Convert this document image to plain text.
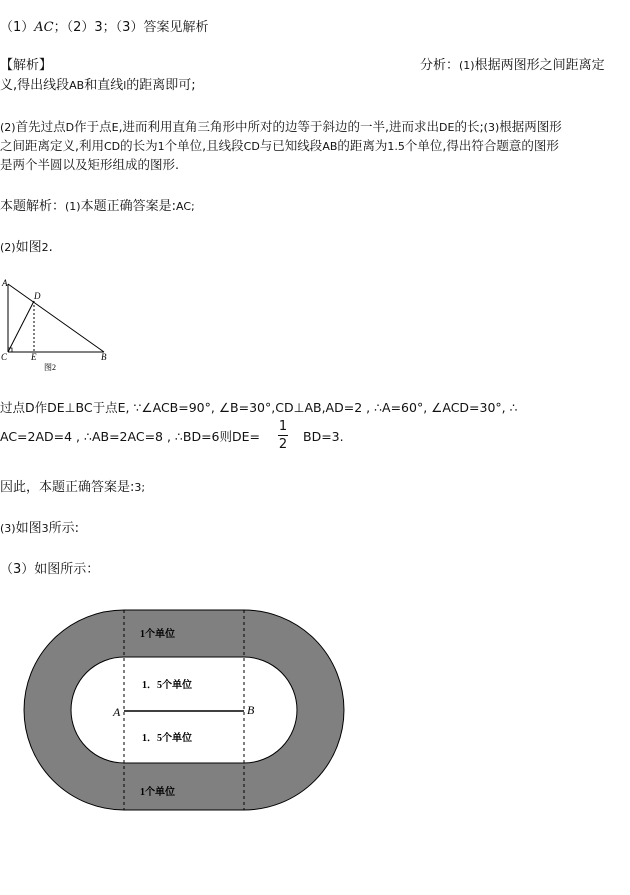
（1）AC；（2）3；（3）答案见解析
【解析】	分析：(1)根据两图形之间距离定
义,得出线段AB和直线l的距离即可;
(2)首先过点D作于点E,进而利用直角三角形中所对的边等于斜边的一半,进而求出DE的长;(3)根据两图形
之间距离定义,利用CD的长为1个单位,且线段CD与已知线段AB的距离为1.5个单位,得出符合题意的图形
是两个半圆以及矩形组成的图形.
本题解析：(1)本题正确答案是:AC;
(2)如图2.
A
D
C	E	B
图2
过点D作DE⊥BC于点E, ∵∠ACB=90°, ∠B=30°,CD⊥AB,AD=2 , ∴A=60°, ∠ACD=30°, ∴
AC=2AD=4 , ∴AB=2AC=8 , ∴BD=6则DE=
1
2
BD=3.
因此，本题正确答案是:3;
(3)如图3所示:
（3）如图所示：
1个单位
1．5个单位
1．5个单位
1个单位
A	B
